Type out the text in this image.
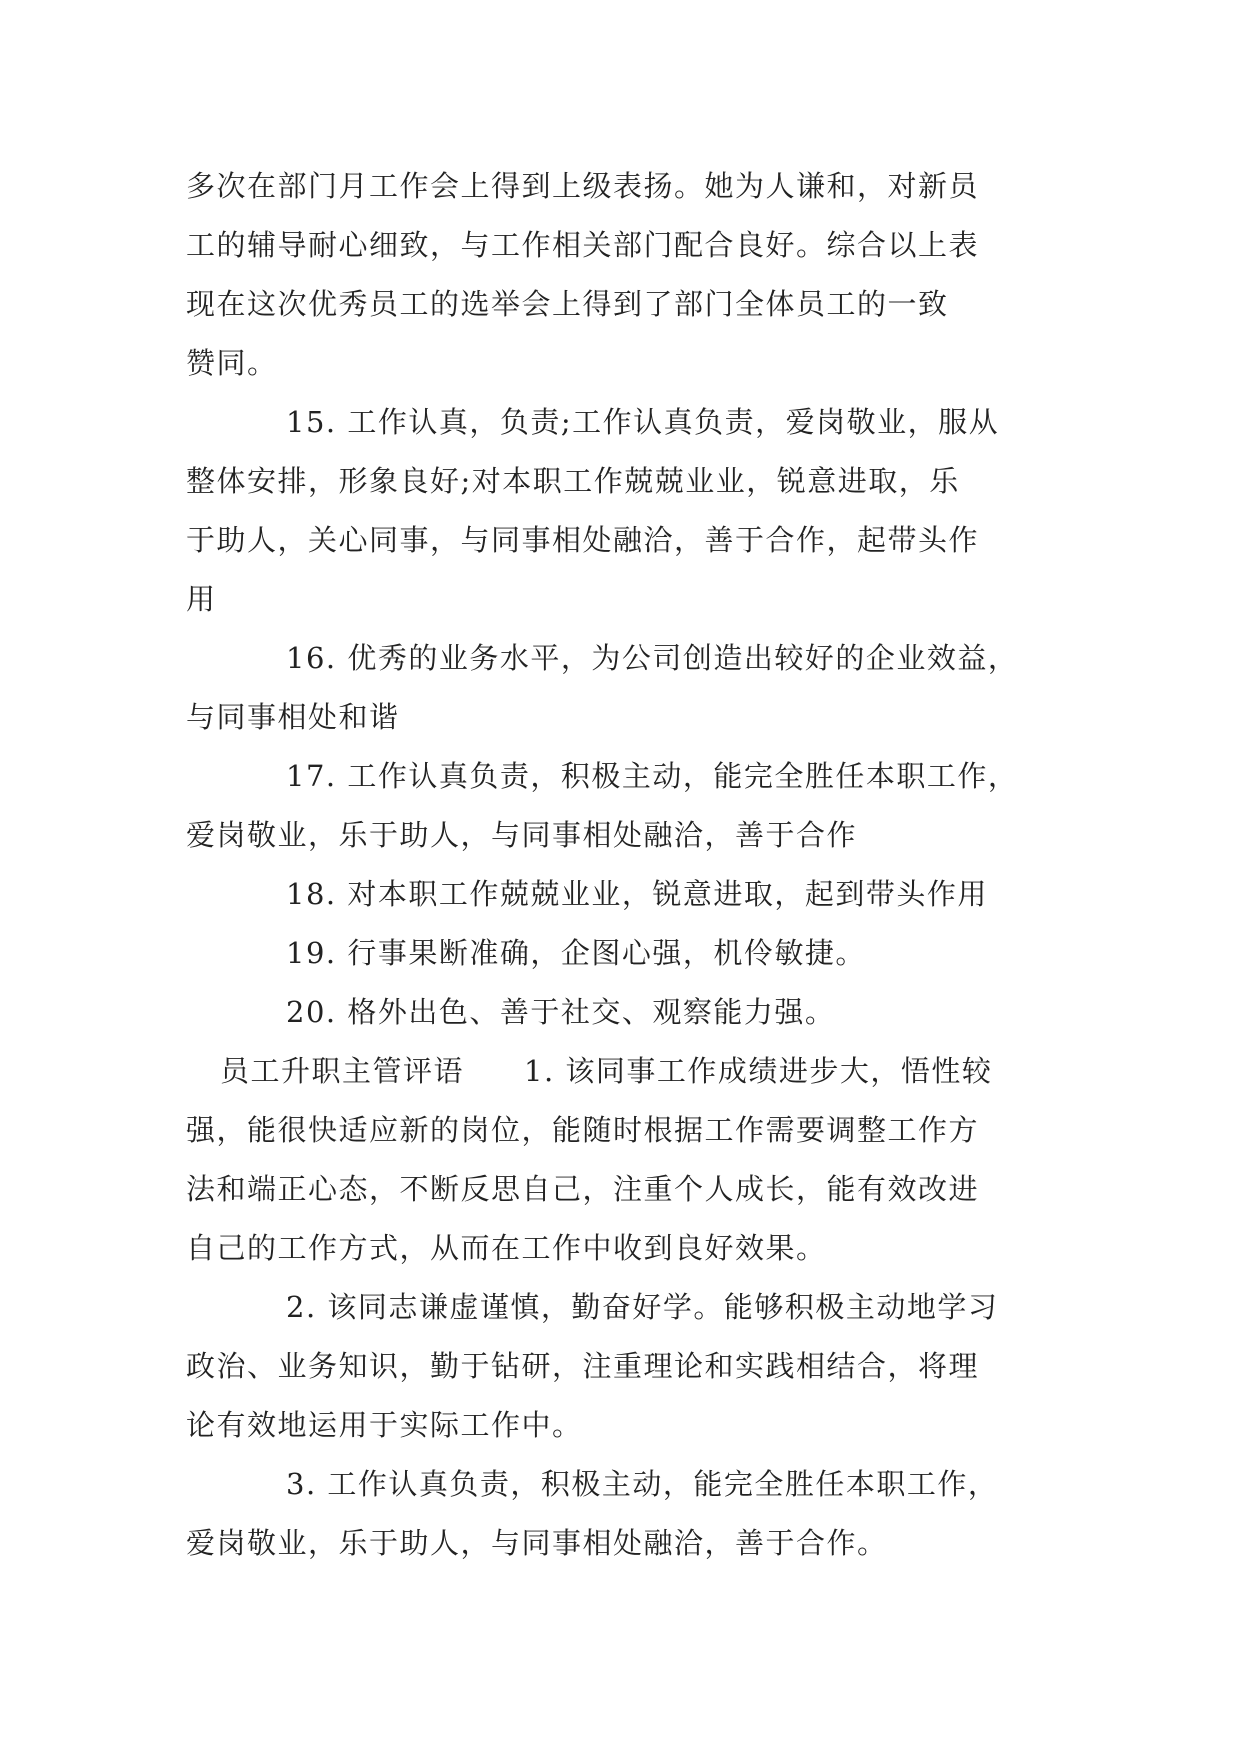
多次在部门月工作会上得到上级表扬。她为人谦和，对新员

工的辅导耐心细致，与工作相关部门配合良好。综合以上表

现在这次优秀员工的选举会上得到了部门全体员工的一致

赞同。

15. 工作认真，负责;工作认真负责，爱岗敬业，服从

整体安排，形象良好;对本职工作兢兢业业，锐意进取，乐

于助人，关心同事，与同事相处融洽，善于合作，起带头作

用

16. 优秀的业务水平，为公司创造出较好的企业效益，

与同事相处和谐

17. 工作认真负责，积极主动，能完全胜任本职工作，

爱岗敬业，乐于助人，与同事相处融洽，善于合作

18. 对本职工作兢兢业业，锐意进取，起到带头作用

19. 行事果断准确，企图心强，机伶敏捷。

20. 格外出色、善于社交、观察能力强。

员工升职主管评语 1. 该同事工作成绩进步大，悟性较

强，能很快适应新的岗位，能随时根据工作需要调整工作方

法和端正心态，不断反思自己，注重个人成长，能有效改进

自己的工作方式，从而在工作中收到良好效果。

2. 该同志谦虚谨慎，勤奋好学。能够积极主动地学习

政治、业务知识，勤于钻研，注重理论和实践相结合，将理

论有效地运用于实际工作中。

3. 工作认真负责，积极主动，能完全胜任本职工作，

爱岗敬业，乐于助人，与同事相处融洽，善于合作。
